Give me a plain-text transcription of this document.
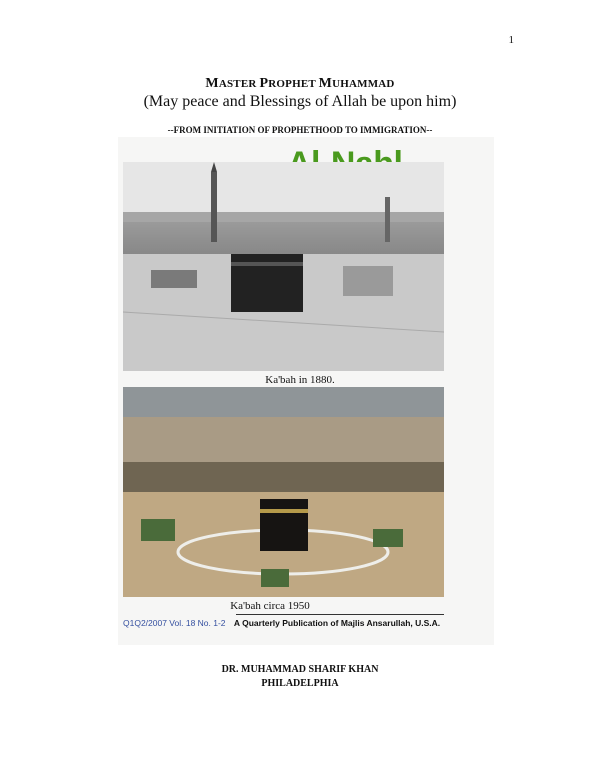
1
MASTER PROPHET MUHAMMAD
(May peace and Blessings of Allah be upon him)
--FROM INITIATION OF PROPHETHOOD TO IMMIGRATION--
Ka'bah in 1880.
Ka'bah circa 1950
Q1Q2/2007 Vol. 18 No. 1-2 A Quarterly Publication of Majlis Ansarullah, U.S.A.
DR. MUHAMMAD SHARIF KHAN
PHILADELPHIA
